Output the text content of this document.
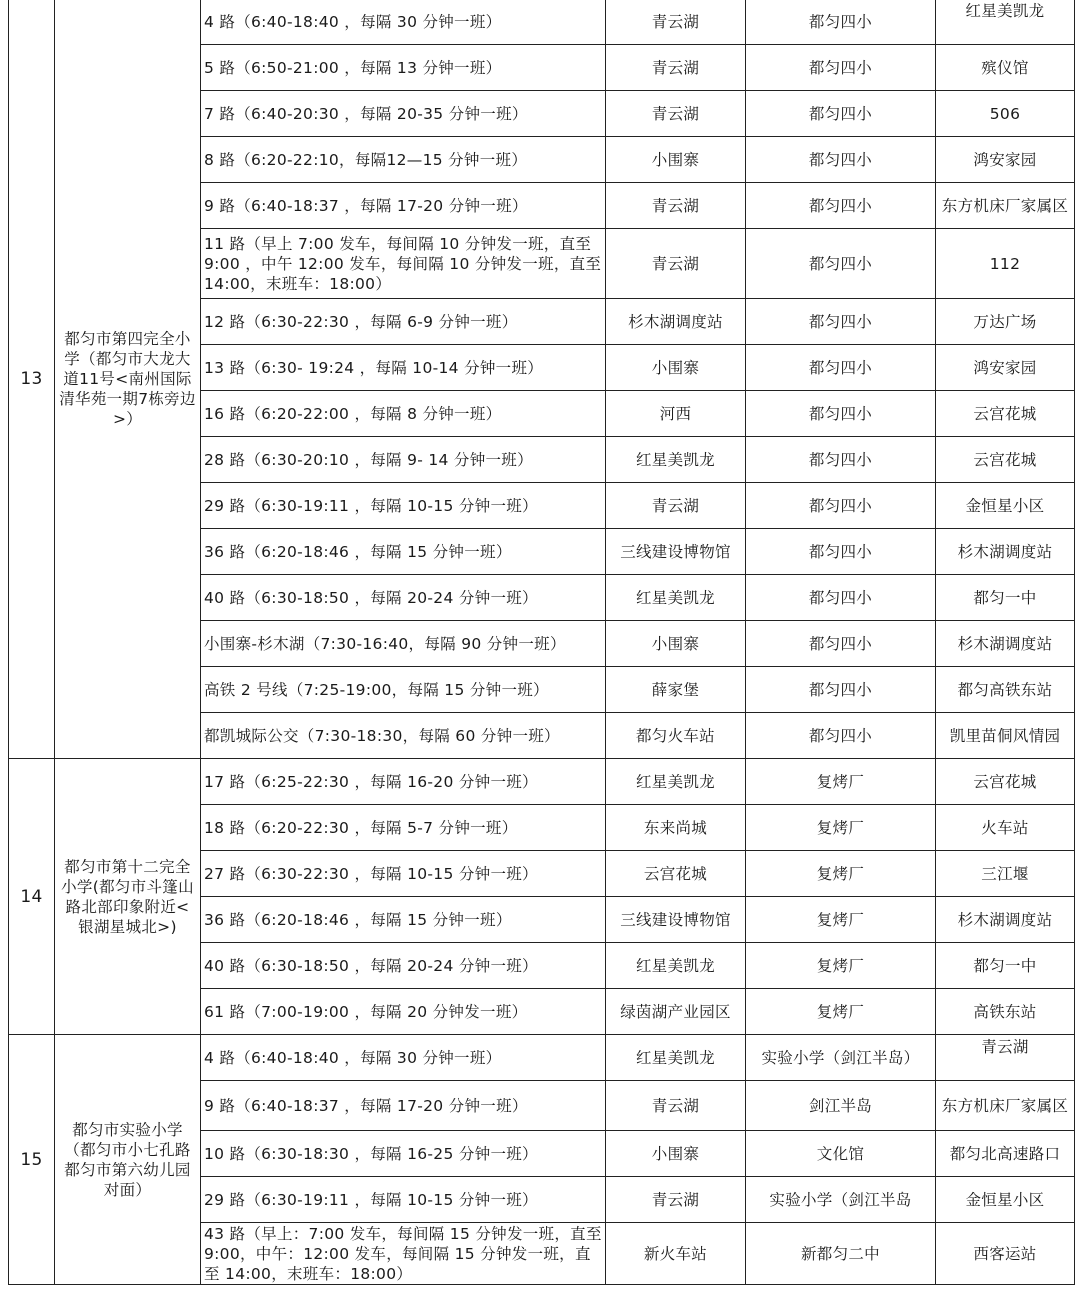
13	都匀市第四完全小学（都匀市大龙大道11号<南州国际清华苑一期7栋旁边>）	4 路（6:40-18:40 ，每隔 30 分钟一班）	青云湖	都匀四小	红星美凯龙
		5 路（6:50-21:00 ，每隔 13 分钟一班）	青云湖	都匀四小	殡仪馆
		7 路（6:40-20:30 ，每隔 20-35 分钟一班）	青云湖	都匀四小	506
		8 路（6:20-22:10，每隔12—15 分钟一班）	小围寨	都匀四小	鸿安家园
		9 路（6:40-18:37 ，每隔 17-20 分钟一班）	青云湖	都匀四小	东方机床厂家属区
		11 路（早上 7:00 发车，每间隔 10 分钟发一班，直至 9:00 ，中午 12:00 发车，每间隔 10 分钟发一班，直至 14:00，末班车：18:00）	青云湖	都匀四小	112
		12 路（6:30-22:30 ，每隔 6-9 分钟一班）	杉木湖调度站	都匀四小	万达广场
		13 路（6:30- 19:24 ，每隔 10-14 分钟一班）	小围寨	都匀四小	鸿安家园
		16 路（6:20-22:00 ，每隔 8 分钟一班）	河西	都匀四小	云宫花城
		28 路（6:30-20:10 ，每隔 9- 14 分钟一班）	红星美凯龙	都匀四小	云宫花城
		29 路（6:30-19:11 ，每隔 10-15 分钟一班）	青云湖	都匀四小	金恒星小区
		36 路（6:20-18:46 ，每隔 15 分钟一班）	三线建设博物馆	都匀四小	杉木湖调度站
		40 路（6:30-18:50 ，每隔 20-24 分钟一班）	红星美凯龙	都匀四小	都匀一中
		小围寨-杉木湖（7:30-16:40，每隔 90 分钟一班）	小围寨	都匀四小	杉木湖调度站
		高铁 2 号线（7:25-19:00，每隔 15 分钟一班）	薛家堡	都匀四小	都匀高铁东站
		都凯城际公交（7:30-18:30，每隔 60 分钟一班）	都匀火车站	都匀四小	凯里苗侗风情园
14	都匀市第十二完全小学(都匀市斗篷山路北部印象附近<银湖星城北>)	17 路（6:25-22:30 ，每隔 16-20 分钟一班）	红星美凯龙	复烤厂	云宫花城
		18 路（6:20-22:30 ，每隔 5-7 分钟一班）	东来尚城	复烤厂	火车站
		27 路（6:30-22:30 ，每隔 10-15 分钟一班）	云宫花城	复烤厂	三江堰
		36 路（6:20-18:46 ，每隔 15 分钟一班）	三线建设博物馆	复烤厂	杉木湖调度站
		40 路（6:30-18:50 ，每隔 20-24 分钟一班）	红星美凯龙	复烤厂	都匀一中
		61 路（7:00-19:00 ，每隔 20 分钟发一班）	绿茵湖产业园区	复烤厂	高铁东站
15	都匀市实验小学（都匀市小七孔路都匀市第六幼儿园对面）	4 路（6:40-18:40 ，每隔 30 分钟一班）	红星美凯龙	实验小学（剑江半岛）	青云湖
		9 路（6:40-18:37 ，每隔 17-20 分钟一班）	青云湖	剑江半岛	东方机床厂家属区
		10 路（6:30-18:30 ，每隔 16-25 分钟一班）	小围寨	文化馆	都匀北高速路口
		29 路（6:30-19:11 ，每隔 10-15 分钟一班）	青云湖	实验小学（剑江半岛	金恒星小区
		43 路（早上：7:00 发车，每间隔 15 分钟发一班，直至 9:00，中午：12:00 发车，每间隔 15 分钟发一班，直至 14:00，末班车：18:00）	新火车站	新都匀二中	西客运站
